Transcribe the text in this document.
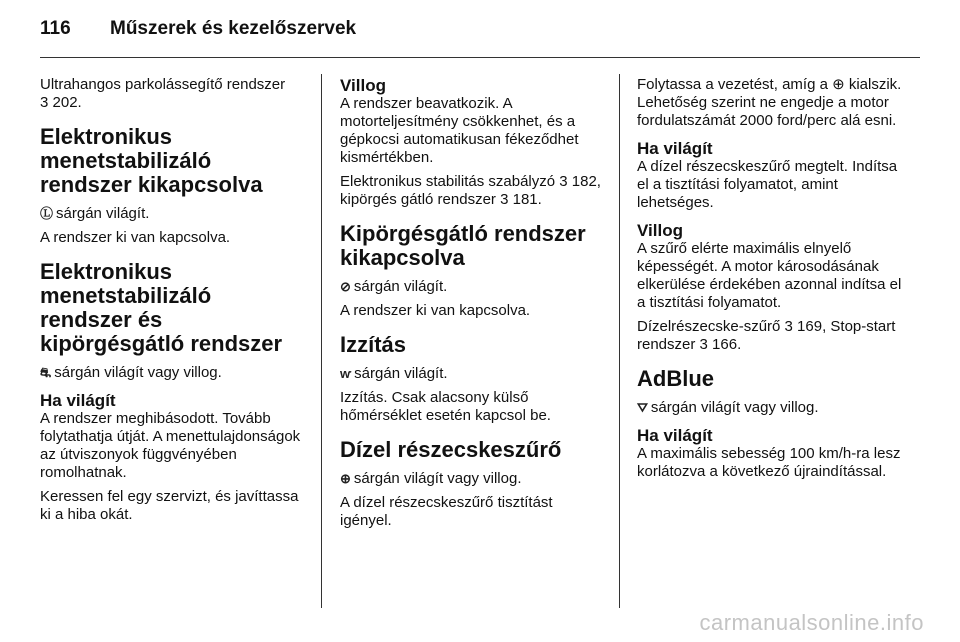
116	Műszerek és kezelőszervek

Ultrahangos parkolássegítő rendszer
3 202.

Elektronikus menetstabilizáló rendszer kikapcsolva

Ⓛ sárgán világít.

A rendszer ki van kapcsolva.

Elektronikus menetstabilizáló rendszer és kipörgésgátló rendszer

⛐ sárgán világít vagy villog.

Ha világít

A rendszer meghibásodott. Tovább folytathatja útját. A menettulajdonságok az útviszonyok függvényében romolhatnak.

Keressen fel egy szervizt, és javíttassa ki a hiba okát.

Villog

A rendszer beavatkozik. A motorteljesítmény csökkenhet, és a gépkocsi automatikusan fékeződhet kismértékben.

Elektronikus stabilitás szabályzó 3 182, kipörgés gátló rendszer 3 181.

Kipörgésgátló rendszer kikapcsolva

⊘ sárgán világít.

A rendszer ki van kapcsolva.

Izzítás

ⱳ sárgán világít.

Izzítás. Csak alacsony külső hőmérséklet esetén kapcsol be.

Dízel részecskeszűrő

⊕ sárgán világít vagy villog.

A dízel részecskeszűrő tisztítást igényel.

Folytassa a vezetést, amíg a ⊕ kialszik. Lehetőség szerint ne engedje a motor fordulatszámát 2000 ford/perc alá esni.

Ha világít

A dízel részecskeszűrő megtelt. Indítsa el a tisztítási folyamatot, amint lehetséges.

Villog

A szűrő elérte maximális elnyelő képességét. A motor károsodásának elkerülése érdekében azonnal indítsa el a tisztítási folyamatot.

Dízelrészecske-szűrő 3 169, Stop-start rendszer 3 166.

AdBlue

⛛ sárgán világít vagy villog.

Ha világít

A maximális sebesség 100 km/h-ra lesz korlátozva a következő újraindítással.

carmanualsonline.info
